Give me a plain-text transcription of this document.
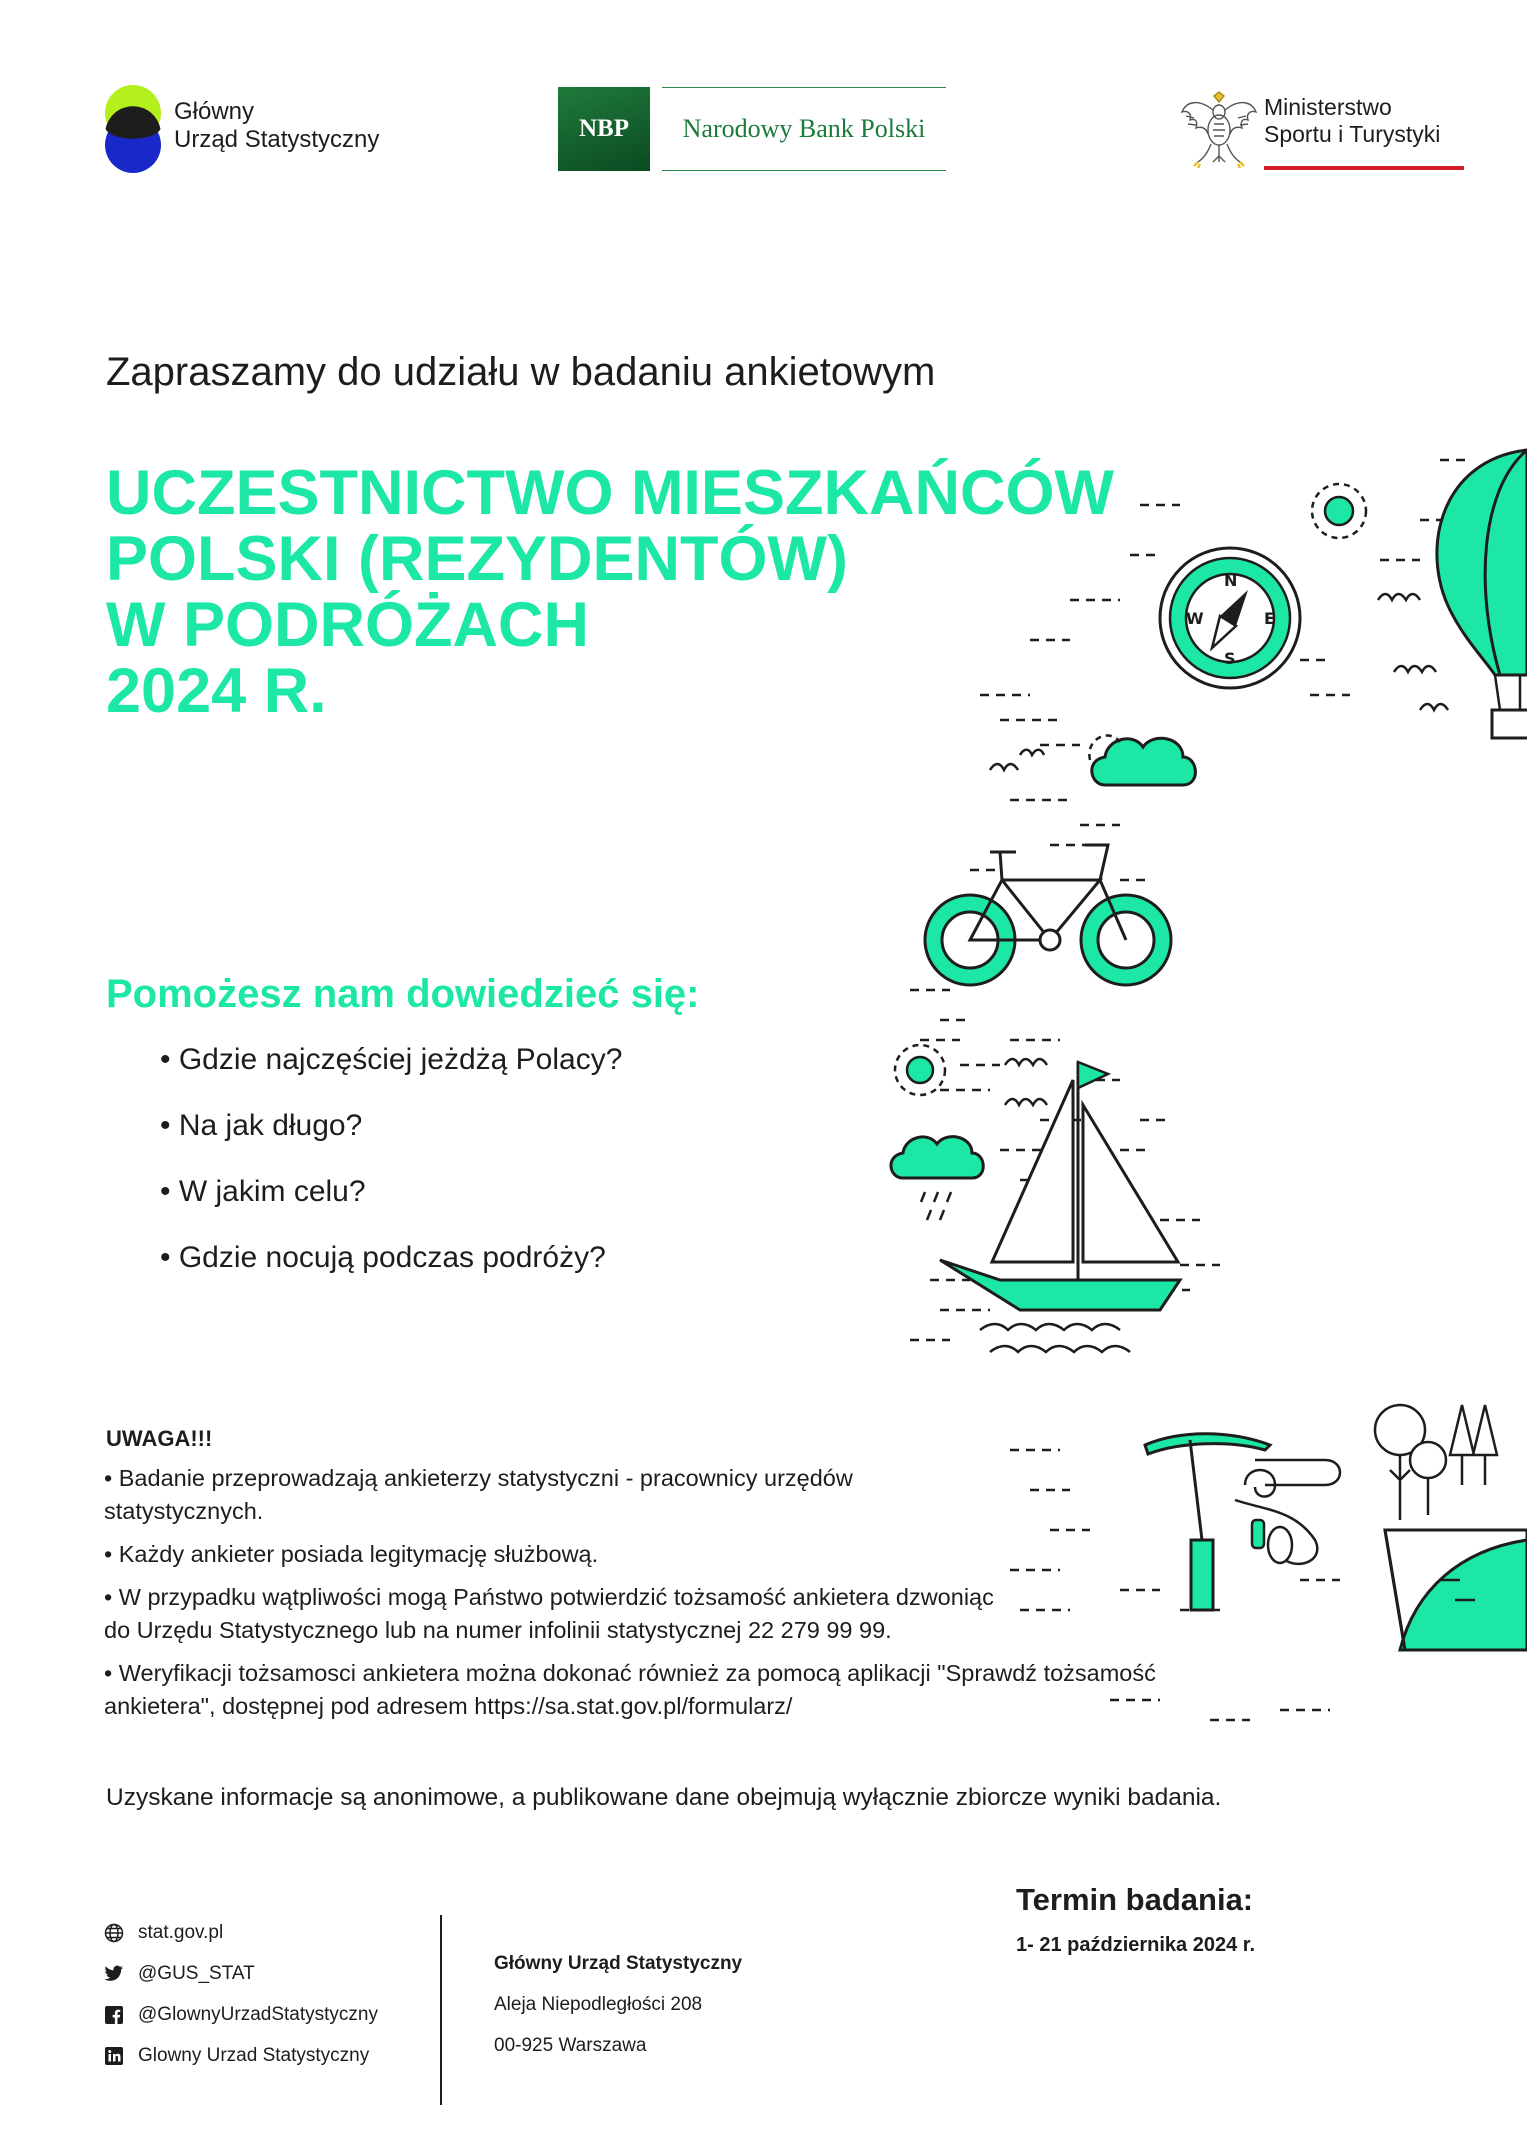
Główny
Urząd Statystyczny	NBP	Narodowy Bank Polski
Ministerstwo
Sportu i Turystyki
Zapraszamy do udziału w badaniu ankietowym
UCZESTNICTWO MIESZKAŃCÓW
POLSKI (REZYDENTÓW)
W PODRÓŻACH
2024 R.
Pomożesz nam dowiedzieć się:
• Gdzie najczęściej jeżdżą Polacy?
• Na jak długo?
• W jakim celu?
• Gdzie nocują podczas podróży?
UWAGA!!!
• Badanie przeprowadzają ankieterzy statystyczni - pracownicy urzędów
statystycznych.
• Każdy ankieter posiada legitymację służbową.
• W przypadku wątpliwości mogą Państwo potwierdzić tożsamość ankietera dzwoniąc
do Urzędu Statystycznego lub na numer infolinii statystycznej 22 279 99 99.
• Weryfikacji tożsamosci ankietera można dokonać również za pomocą aplikacji "Sprawdź tożsamość
ankietera", dostępnej pod adresem https://sa.stat.gov.pl/formularz/
Uzyskane informacje są anonimowe, a publikowane dane obejmują wyłącznie zbiorcze wyniki badania.
Termin badania:
1- 21 października 2024 r.
stat.gov.pl
@GUS_STAT
@GlownyUrzadStatystyczny
Glowny Urzad Statystyczny
Główny Urząd Statystyczny
Aleja Niepodległości 208
00-925 Warszawa
N
S
W	E
